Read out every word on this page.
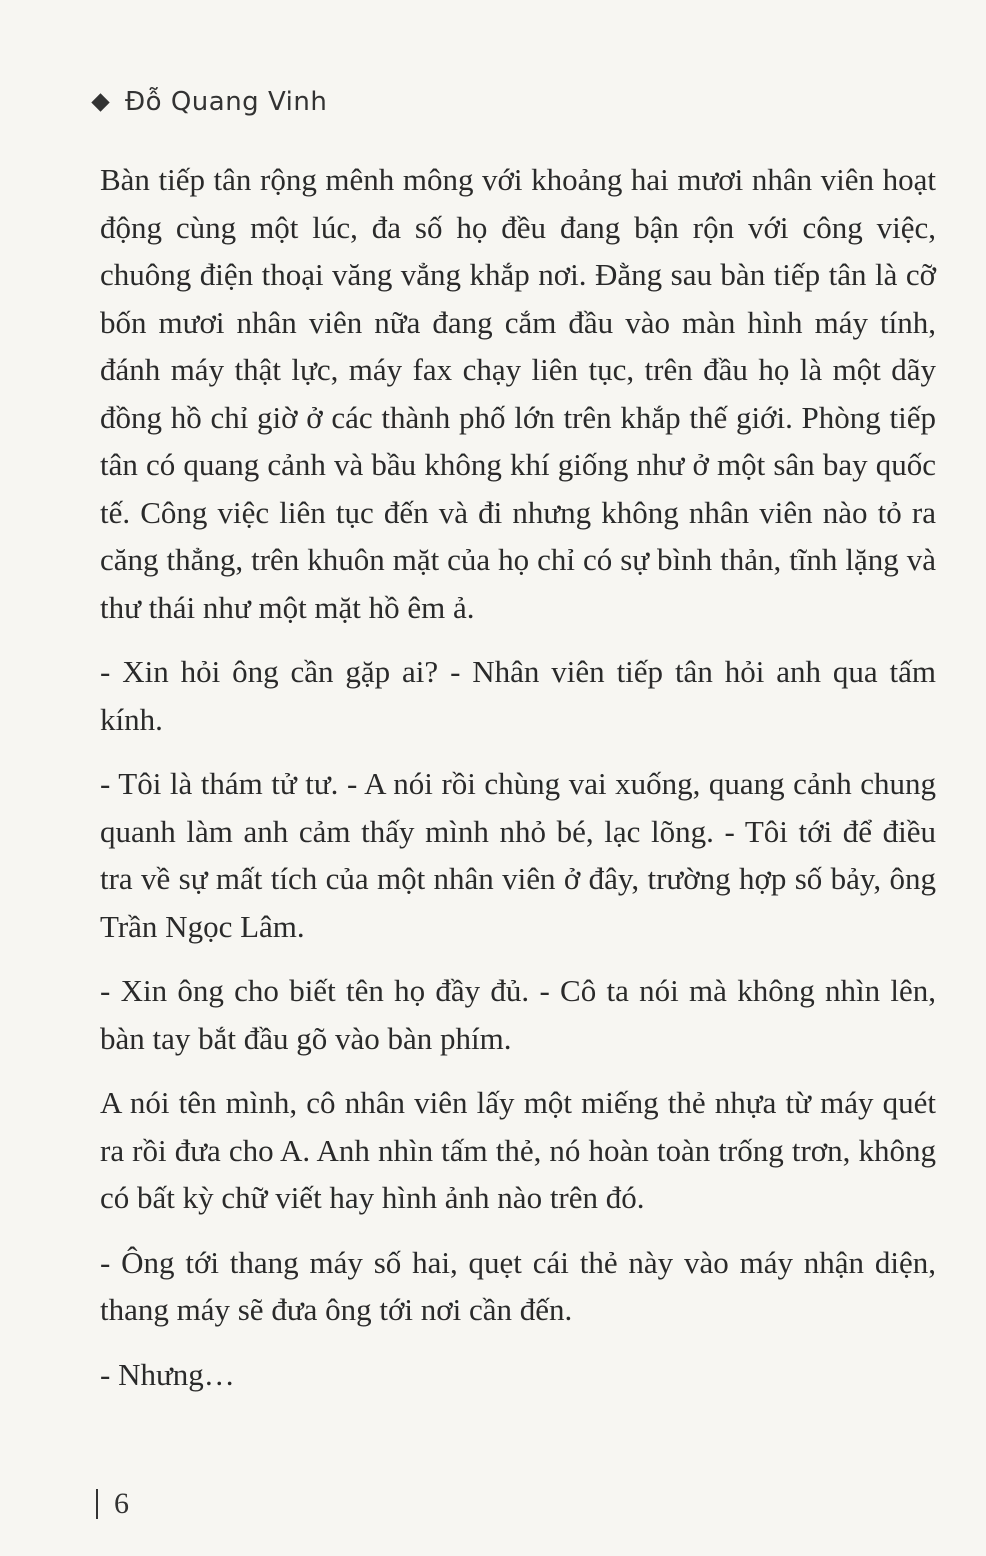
Đỗ Quang Vinh

Bàn tiếp tân rộng mênh mông với khoảng hai mươi nhân viên hoạt động cùng một lúc, đa số họ đều đang bận rộn với công việc, chuông điện thoại văng vẳng khắp nơi. Đằng sau bàn tiếp tân là cỡ bốn mươi nhân viên nữa đang cắm đầu vào màn hình máy tính, đánh máy thật lực, máy fax chạy liên tục, trên đầu họ là một dãy đồng hồ chỉ giờ ở các thành phố lớn trên khắp thế giới. Phòng tiếp tân có quang cảnh và bầu không khí giống như ở một sân bay quốc tế. Công việc liên tục đến và đi nhưng không nhân viên nào tỏ ra căng thẳng, trên khuôn mặt của họ chỉ có sự bình thản, tĩnh lặng và thư thái như một mặt hồ êm ả.

- Xin hỏi ông cần gặp ai? - Nhân viên tiếp tân hỏi anh qua tấm kính.

- Tôi là thám tử tư. - A nói rồi chùng vai xuống, quang cảnh chung quanh làm anh cảm thấy mình nhỏ bé, lạc lõng. - Tôi tới để điều tra về sự mất tích của một nhân viên ở đây, trường hợp số bảy, ông Trần Ngọc Lâm.

- Xin ông cho biết tên họ đầy đủ. - Cô ta nói mà không nhìn lên, bàn tay bắt đầu gõ vào bàn phím.

A nói tên mình, cô nhân viên lấy một miếng thẻ nhựa từ máy quét ra rồi đưa cho A. Anh nhìn tấm thẻ, nó hoàn toàn trống trơn, không có bất kỳ chữ viết hay hình ảnh nào trên đó.

- Ông tới thang máy số hai, quẹt cái thẻ này vào máy nhận diện, thang máy sẽ đưa ông tới nơi cần đến.

- Nhưng…

6
